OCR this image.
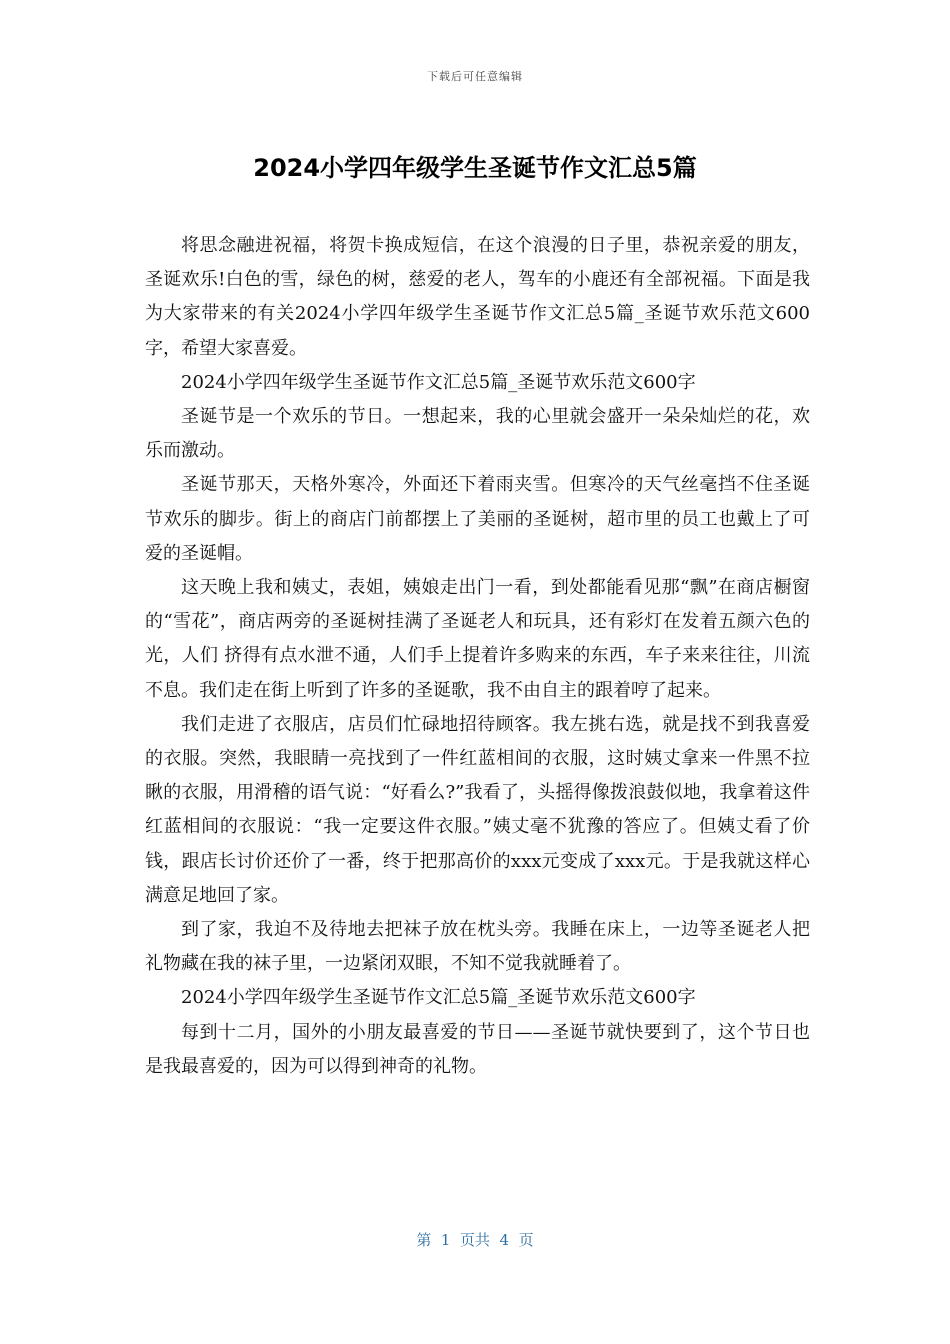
下载后可任意编辑
2024小学四年级学生圣诞节作文汇总5篇

将思念融进祝福，将贺卡换成短信，在这个浪漫的日子里，恭祝亲爱的朋友，圣诞欢乐!白色的雪，绿色的树，慈爱的老人，驾车的小鹿还有全部祝福。下面是我为大家带来的有关2024小学四年级学生圣诞节作文汇总5篇_圣诞节欢乐范文600字，希望大家喜爱。

2024小学四年级学生圣诞节作文汇总5篇_圣诞节欢乐范文600字

圣诞节是一个欢乐的节日。一想起来，我的心里就会盛开一朵朵灿烂的花，欢乐而激动。

圣诞节那天，天格外寒冷，外面还下着雨夹雪。但寒冷的天气丝毫挡不住圣诞节欢乐的脚步。街上的商店门前都摆上了美丽的圣诞树，超市里的员工也戴上了可爱的圣诞帽。

这天晚上我和姨丈，表姐，姨娘走出门一看，到处都能看见那“飘”在商店橱窗的“雪花”，商店两旁的圣诞树挂满了圣诞老人和玩具，还有彩灯在发着五颜六色的光，人们 挤得有点水泄不通，人们手上提着许多购来的东西，车子来来往往，川流不息。我们走在街上听到了许多的圣诞歌，我不由自主的跟着哼了起来。

我们走进了衣服店，店员们忙碌地招待顾客。我左挑右选，就是找不到我喜爱的衣服。突然，我眼睛一亮找到了一件红蓝相间的衣服，这时姨丈拿来一件黑不拉瞅的衣服，用滑稽的语气说：“好看么?”我看了，头摇得像拨浪鼓似地，我拿着这件红蓝相间的衣服说：“我一定要这件衣服。”姨丈毫不犹豫的答应了。但姨丈看了价钱，跟店长讨价还价了一番，终于把那高价的xxx元变成了xxx元。于是我就这样心满意足地回了家。

到了家，我迫不及待地去把袜子放在枕头旁。我睡在床上，一边等圣诞老人把礼物藏在我的袜子里，一边紧闭双眼，不知不觉我就睡着了。

2024小学四年级学生圣诞节作文汇总5篇_圣诞节欢乐范文600字

每到十二月，国外的小朋友最喜爱的节日——圣诞节就快要到了，这个节日也是我最喜爱的，因为可以得到神奇的礼物。

第  1  页共  4  页
